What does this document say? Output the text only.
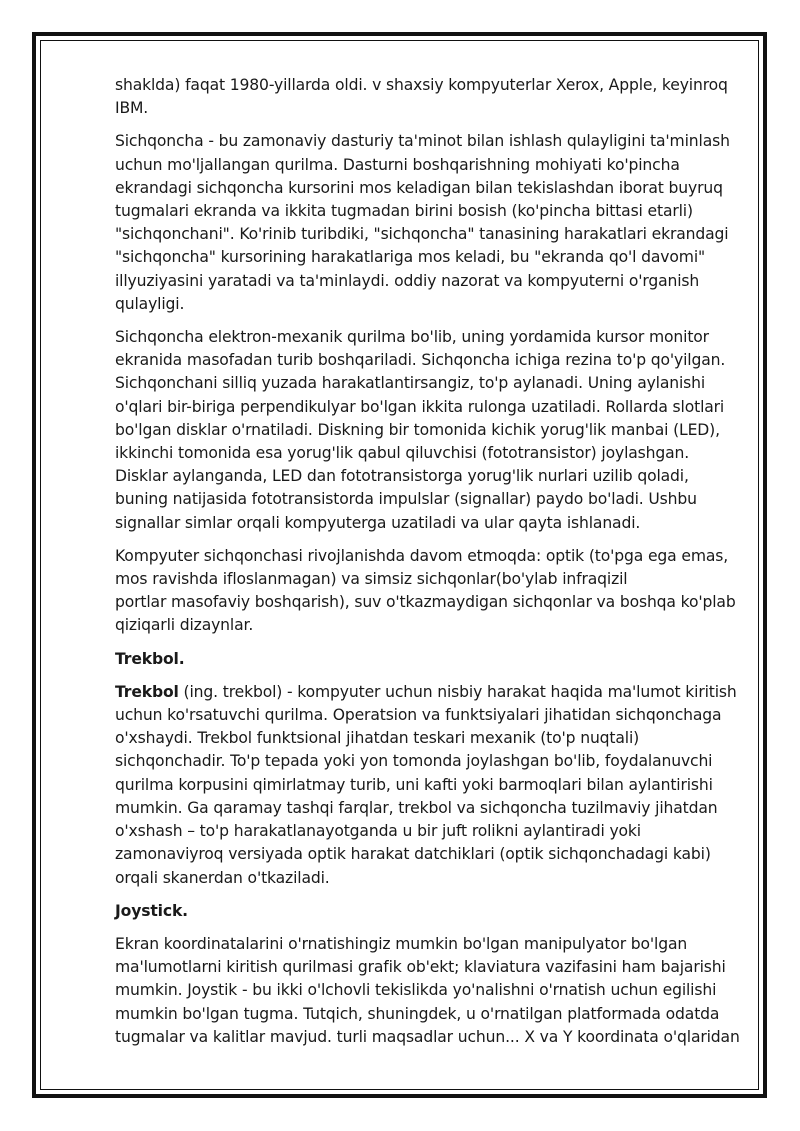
shaklda) faqat 1980-yillarda oldi. v shaxsiy kompyuterlar Xerox, Apple, keyinroq IBM.

Sichqoncha - bu zamonaviy dasturiy ta'minot bilan ishlash qulayligini ta'minlash uchun mo'ljallangan qurilma. Dasturni boshqarishning mohiyati ko'pincha ekrandagi sichqoncha kursorini mos keladigan bilan tekislashdan iborat buyruq tugmalari ekranda va ikkita tugmadan birini bosish (ko'pincha bittasi etarli) "sichqonchani". Ko'rinib turibdiki, "sichqoncha" tanasining harakatlari ekrandagi "sichqoncha" kursorining harakatlariga mos keladi, bu "ekranda qo'l davomi" illyuziyasini yaratadi va ta'minlaydi. oddiy nazorat va kompyuterni o'rganish qulayligi.

Sichqoncha elektron-mexanik qurilma bo'lib, uning yordamida kursor monitor ekranida masofadan turib boshqariladi. Sichqoncha ichiga rezina to'p qo'yilgan. Sichqonchani silliq yuzada harakatlantirsangiz, to'p aylanadi. Uning aylanishi o'qlari bir-biriga perpendikulyar bo'lgan ikkita rulonga uzatiladi. Rollarda slotlari bo'lgan disklar o'rnatiladi. Diskning bir tomonida kichik yorug'lik manbai (LED), ikkinchi tomonida esa yorug'lik qabul qiluvchisi (fototransistor) joylashgan. Disklar aylanganda, LED dan fototransistorga yorug'lik nurlari uzilib qoladi, buning natijasida fototransistorda impulslar (signallar) paydo bo'ladi. Ushbu signallar simlar orqali kompyuterga uzatiladi va ular qayta ishlanadi.

Kompyuter sichqonchasi rivojlanishda davom etmoqda: optik (to'pga ega emas, mos ravishda ifloslanmagan) va simsiz sichqonlar(bo'ylab infraqizil
portlar masofaviy boshqarish), suv o'tkazmaydigan sichqonlar va boshqa ko'plab qiziqarli dizaynlar.

Trekbol.

Trekbol (ing. trekbol) - kompyuter uchun nisbiy harakat haqida ma'lumot kiritish uchun ko'rsatuvchi qurilma. Operatsion va funktsiyalari jihatidan sichqonchaga o'xshaydi. Trekbol funktsional jihatdan teskari mexanik (to'p nuqtali) sichqonchadir. To'p tepada yoki yon tomonda joylashgan bo'lib, foydalanuvchi qurilma korpusini qimirlatmay turib, uni kafti yoki barmoqlari bilan aylantirishi mumkin. Ga qaramay tashqi farqlar, trekbol va sichqoncha tuzilmaviy jihatdan o'xshash – to'p harakatlanayotganda u bir juft rolikni aylantiradi yoki zamonaviyroq versiyada optik harakat datchiklari (optik sichqonchadagi kabi) orqali skanerdan o'tkaziladi.

Joystick.

Ekran koordinatalarini o'rnatishingiz mumkin bo'lgan manipulyator bo'lgan ma'lumotlarni kiritish qurilmasi grafik ob'ekt; klaviatura vazifasini ham bajarishi mumkin. Joystik - bu ikki o'lchovli tekislikda yo'nalishni o'rnatish uchun egilishi mumkin bo'lgan tugma. Tutqich, shuningdek, u o'rnatilgan platformada odatda tugmalar va kalitlar mavjud. turli maqsadlar uchun... X va Y koordinata o'qlaridan
